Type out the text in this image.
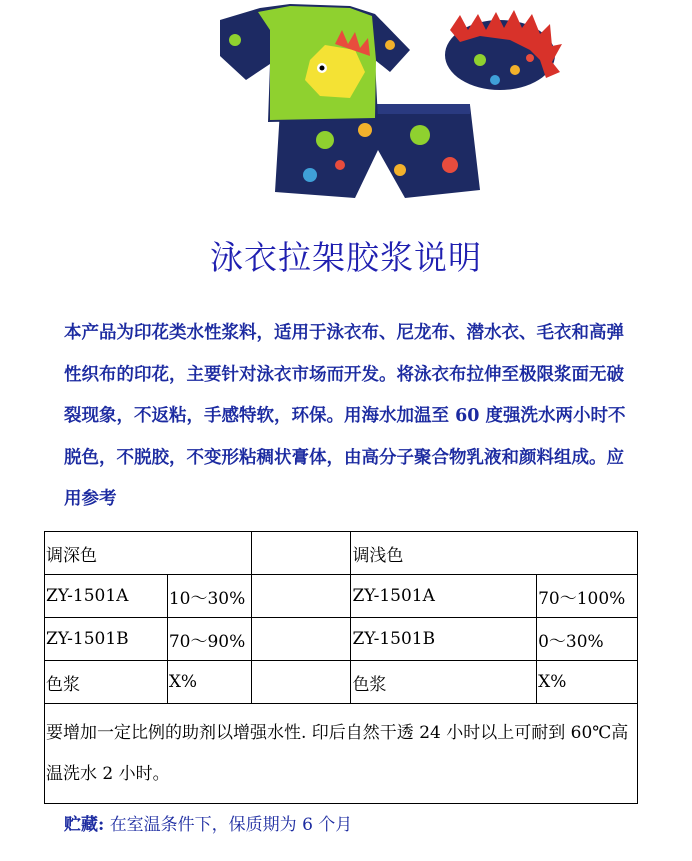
泳衣拉架胶浆说明
本产品为印花类水性浆料，适用于泳衣布、尼龙布、潜水衣、毛衣和高弹性织布的印花，主要针对泳衣市场而开发。将泳衣布拉伸至极限浆面无破裂现象，不返粘，手感特软，环保。用海水加温至 60 度强洗水两小时不脱色，不脱胶，不变形粘稠状膏体，由高分子聚合物乳液和颜料组成。应用参考
调深色			调浅色	
ZY-1501A	10～30%		ZY-1501A	70～100%
ZY-1501B	70～90%		ZY-1501B	0～30%
色浆	X%		色浆	X%
要增加一定比例的助剂以增强水性. 印后自然干透 24 小时以上可耐到 60℃高温洗水 2 小时。				
贮藏: 在室温条件下，保质期为 6 个月
